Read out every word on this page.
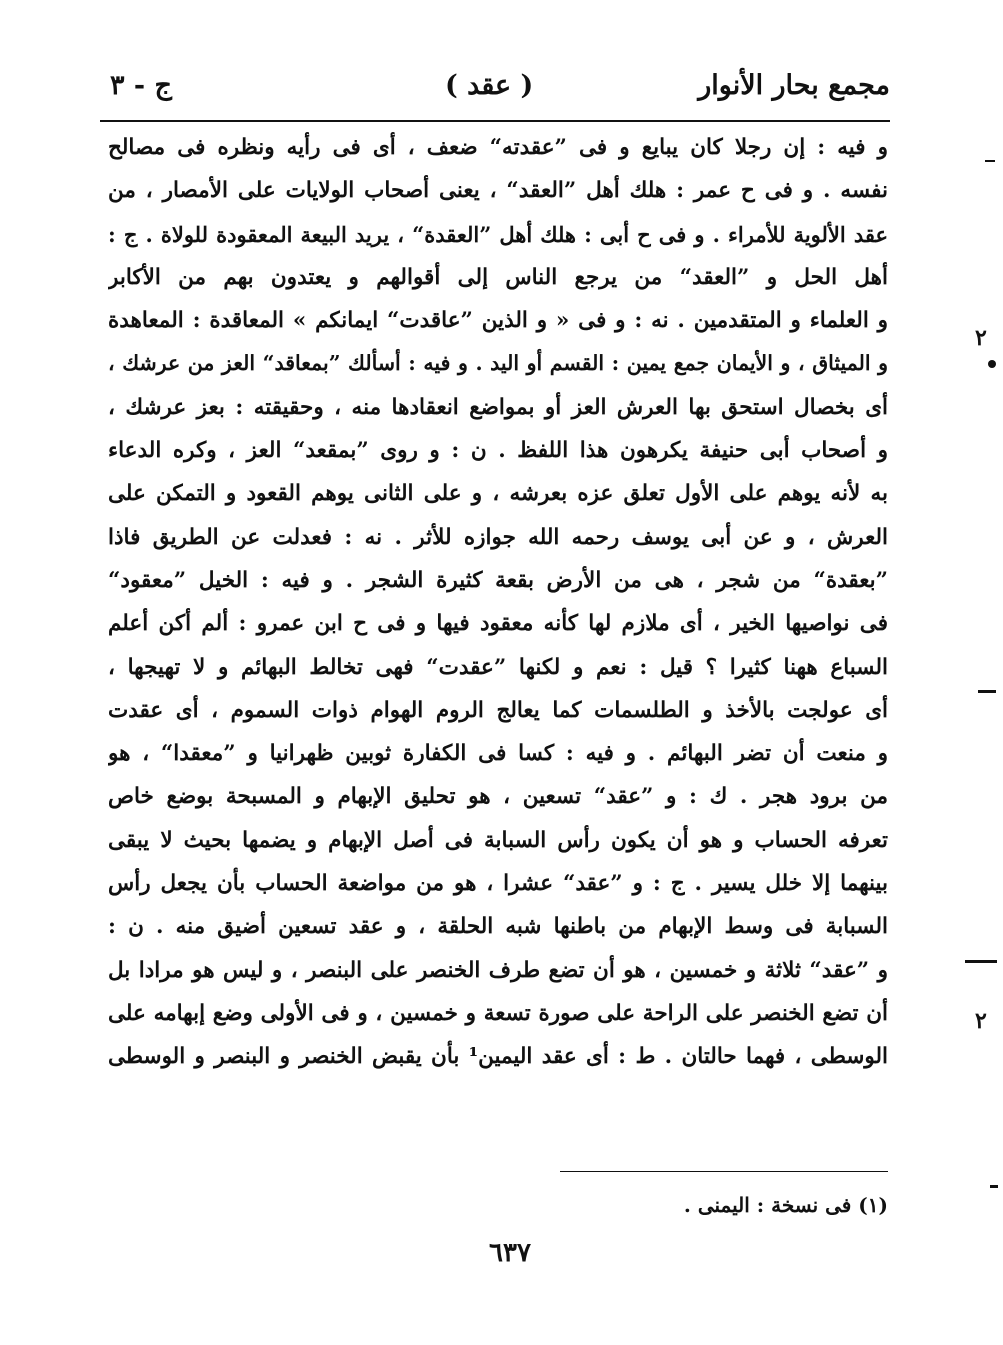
مجمع بحار الأنوار
( عقد )
ج - ٣
و فيه : إن رجلا كان يبايع و فى ”عقدته“ ضعف ، أى فى رأيه ونظره فى مصالح
نفسه . و فى ح عمر : هلك أهل ”العقد“ ، يعنى أصحاب الولايات على الأمصار ، من
عقد الألوية للأمراء . و فى ح أبى : هلك أهل ”العقدة“ ، يريد البيعة المعقودة للولاة . ج :
أهل الحل و ”العقد“ من يرجع الناس إلى أقوالهم و يعتدون بهم من الأكابر
و العلماء و المتقدمين . نه : و فى « و الذين ”عاقدت“ ايمانكم » المعاقدة : المعاهدة
و الميثاق ، و الأيمان جمع يمين : القسم أو اليد . و فيه : أسألك ”بمعاقد“ العز من عرشك ،
أى بخصال استحق بها العرش العز أو بمواضع انعقادها منه ، وحقيقته : بعز عرشك ،
و أصحاب أبى حنيفة يكرهون هذا اللفظ . ن : و روى ”بمقعد“ العز ، وكره الدعاء
به لأنه يوهم على الأول تعلق عزه بعرشه ، و على الثانى يوهم القعود و التمكن على
العرش ، و عن أبى يوسف رحمه الله جوازه للأثر . نه : فعدلت عن الطريق فاذا
”بعقدة“ من شجر ، هى من الأرض بقعة كثيرة الشجر . و فيه : الخيل ”معقود“
فى نواصيها الخير ، أى ملازم لها كأنه معقود فيها و فى ح ابن عمرو : ألم أكن أعلم
السباع ههنا كثيرا ؟ قيل : نعم و لكنها ”عقدت“ فهى تخالط البهائم و لا تهيجها ،
أى عولجت بالأخذ و الطلسمات كما يعالج الروم الهوام ذوات السموم ، أى عقدت
و منعت أن تضر البهائم . و فيه : كسا فى الكفارة ثوبين ظهرانيا و ”معقدا“ ، هو
من برود هجر . ك : و ”عقد“ تسعين ، هو تحليق الإبهام و المسبحة بوضع خاص
تعرفه الحساب و هو أن يكون رأس السبابة فى أصل الإبهام و يضمها بحيث لا يبقى
بينهما إلا خلل يسير . ج : و ”عقد“ عشرا ، هو من مواضعة الحساب بأن يجعل رأس
السبابة فى وسط الإبهام من باطنها شبه الحلقة ، و عقد تسعين أضيق منه . ن :
و ”عقد“ ثلاثة و خمسين ، هو أن تضع طرف الخنصر على البنصر ، و ليس هو مرادا بل
أن تضع الخنصر على الراحة على صورة تسعة و خمسين ، و فى الأولى وضع إبهامه على
الوسطى ، فهما حالتان . ط : أى عقد اليمين¹ بأن يقبض الخنصر و البنصر و الوسطى
(١) فى نسخة : اليمنى .
٦٣٧
٢
٢
